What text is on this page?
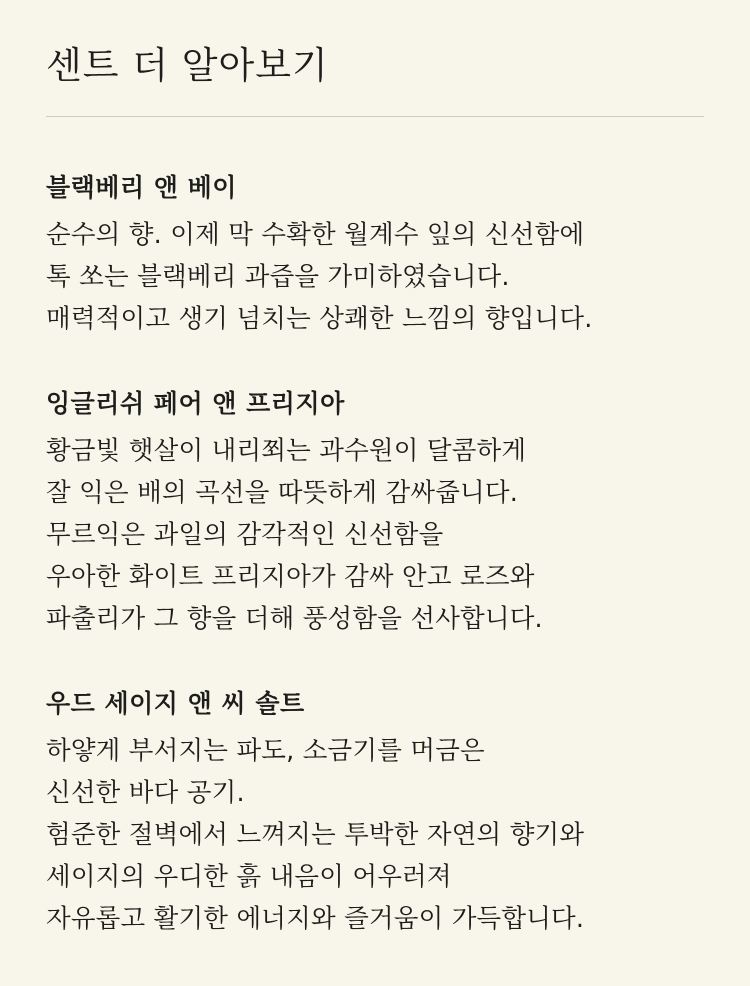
센트 더 알아보기
블랙베리 앤 베이
순수의 향. 이제 막 수확한 월계수 잎의 신선함에
톡 쏘는 블랙베리 과즙을 가미하였습니다.
매력적이고 생기 넘치는 상쾌한 느낌의 향입니다.
잉글리쉬 페어 앤 프리지아
황금빛 햇살이 내리쬐는 과수원이 달콤하게
잘 익은 배의 곡선을 따뜻하게 감싸줍니다.
무르익은 과일의 감각적인 신선함을
우아한 화이트 프리지아가 감싸 안고 로즈와
파출리가 그 향을 더해 풍성함을 선사합니다.
우드 세이지 앤 씨 솔트
하얗게 부서지는 파도, 소금기를 머금은
신선한 바다 공기.
험준한 절벽에서 느껴지는 투박한 자연의 향기와
세이지의 우디한 흙 내음이 어우러져
자유롭고 활기한 에너지와 즐거움이 가득합니다.
